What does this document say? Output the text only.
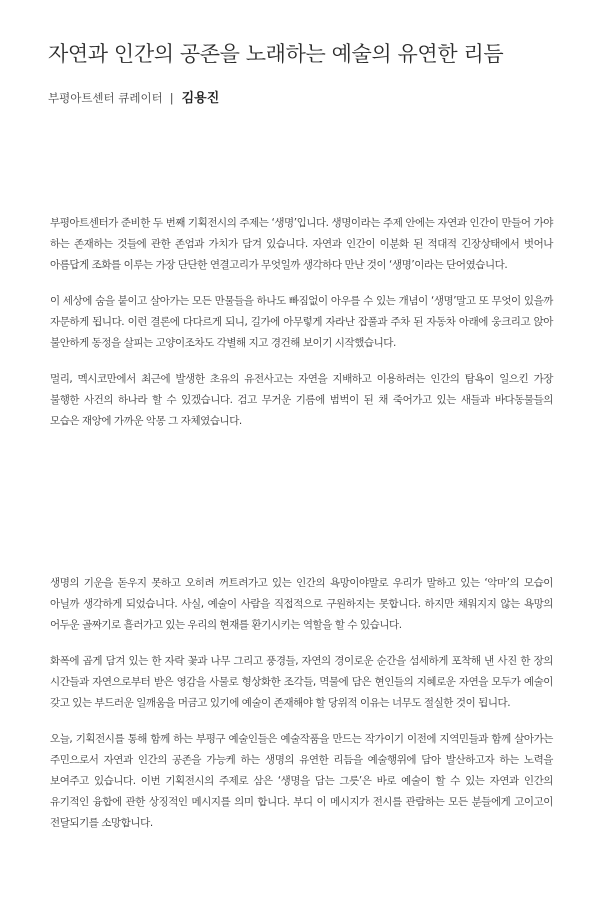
자연과 인간의 공존을 노래하는 예술의 유연한 리듬
부평아트센터 큐레이터 | 김용진

부평아트센터가 준비한 두 번째 기획전시의 주제는 ‘생명’입니다. 생명이라는 주제 안에는 자연과 인간이 만들어 가야 하는 존재하는 것들에 관한 존엄과 가치가 담겨 있습니다. 자연과 인간이 이분화 된 적대적 긴장상태에서 벗어나 아름답게 조화를 이루는 가장 단단한 연결고리가 무엇일까 생각하다 만난 것이 ‘생명’이라는 단어였습니다.

이 세상에 숨을 붙이고 살아가는 모든 만물들을 하나도 빠짐없이 아우를 수 있는 개념이 ‘생명’말고 또 무엇이 있을까 자문하게 됩니다. 이런 결론에 다다르게 되니, 길가에 아무렇게 자라난 잡풀과 주차 된 자동차 아래에 웅크리고 앉아 불안하게 동정을 살피는 고양이조차도 각별해 지고 경건해 보이기 시작했습니다.

멀리, 멕시코만에서 최근에 발생한 초유의 유전사고는 자연을 지배하고 이용하려는 인간의 탐욕이 일으킨 가장 불행한 사건의 하나라 할 수 있겠습니다. 검고 무거운 기름에 범벅이 된 채 죽어가고 있는 새들과 바다동물들의 모습은 재앙에 가까운 악몽 그 자체였습니다.

생명의 기운을 돋우지 못하고 오히려 꺼트려가고 있는 인간의 욕망이야말로 우리가 말하고 있는 ‘악마’의 모습이 아닐까 생각하게 되었습니다. 사실, 예술이 사람을 직접적으로 구원하지는 못합니다. 하지만 채워지지 않는 욕망의 어두운 골짜기로 흘러가고 있는 우리의 현재를 환기시키는 역할을 할 수 있습니다.

화폭에 곱게 담겨 있는 한 자락 꽃과 나무 그리고 풍경들, 자연의 경이로운 순간을 섬세하게 포착해 낸 사진 한 장의 시간들과 자연으로부터 받은 영감을 사물로 형상화한 조각들, 멱물에 담은 현인들의 지혜로운 자연을 모두가 예술이 갖고 있는 부드러운 일깨움을 머금고 있기에 예술이 존재해야 할 당위적 이유는 너무도 절실한 것이 됩니다.

오늘, 기획전시를 통해 함께 하는 부평구 예술인들은 예술작품을 만드는 작가이기 이전에 지역민들과 함께 살아가는 주민으로서 자연과 인간의 공존을 가능케 하는 생명의 유연한 리듬을 예술행위에 담아 발산하고자 하는 노력을 보여주고 있습니다. 이번 기획전시의 주제로 삼은 ‘생명을 담는 그릇’은 바로 예술이 할 수 있는 자연과 인간의 유기적인 융합에 관한 상징적인 메시지를 의미 합니다. 부디 이 메시지가 전시를 관람하는 모든 분들에게 고이고이 전달되기를 소망합니다.
